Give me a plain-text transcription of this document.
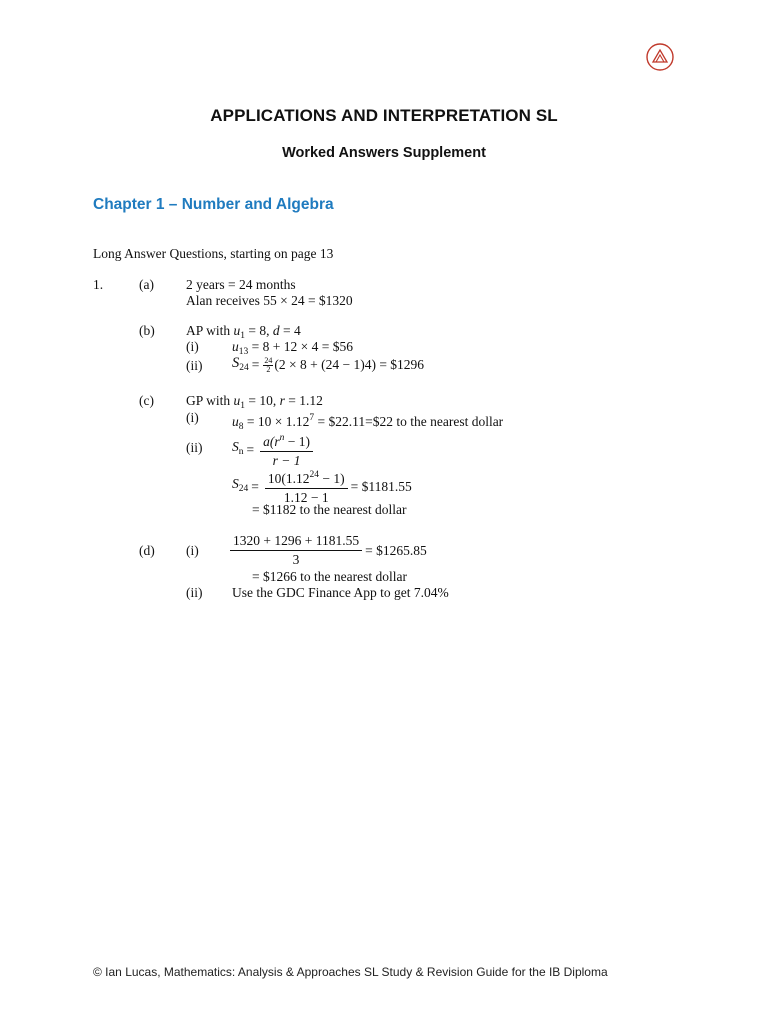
APPLICATIONS AND INTERPRETATION SL
Worked Answers Supplement
Chapter 1 – Number and Algebra
Long Answer Questions, starting on page 13
1.	(a) 2 years = 24 months
Alan receives 55 × 24 = $1320
(b) AP with $u_1 = 8$, d = 4
(i) $u_{13} = 8 + 12 \times 4$ = $56
(ii) $S_{24} = \frac{24}{2} (2 \times 8 + (24 - 1)4)$ = $1296
(c) GP with $u_1 = 10$, r = 1.12
(i) $u_8 = 10 \times 1.12^7$ = $22.11=$22 to the nearest dollar
(ii) $S_n = \frac{a(r^n - 1)}{r - 1}$
$S_{24} = \frac{10(1.12^{24} - 1)}{1.12 - 1}$ = $1181.55
= $1182 to the nearest dollar
(d) $(i) \frac{1320 + 1296 + 1181.55}{3}$ = $1265.85
= $1266 to the nearest dollar
(ii) Use the GDC Finance App to get 7.04%
© Ian Lucas, Mathematics: Analysis & Approaches SL Study & Revision Guide for the IB Diploma
